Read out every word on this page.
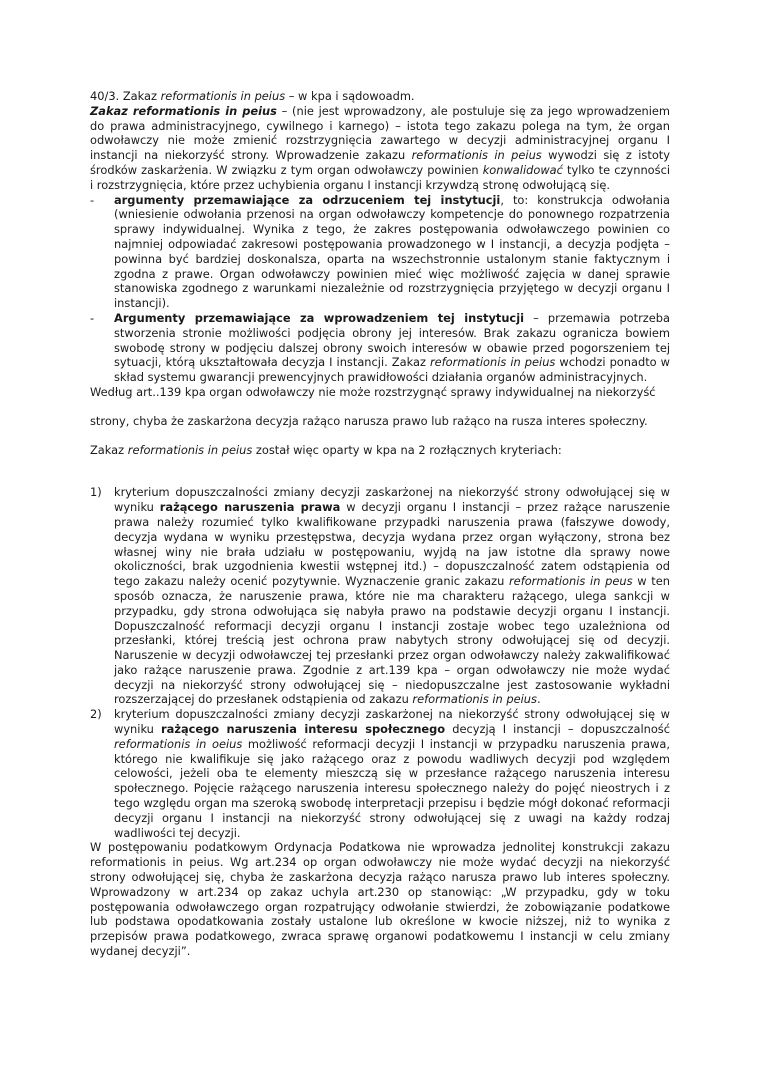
40/3. Zakaz reformationis in peius – w kpa i sądowoadm.

Zakaz reformationis in peius – (nie jest wprowadzony, ale postuluje się za jego wprowadzeniem do prawa administracyjnego, cywilnego i karnego) – istota tego zakazu polega na tym, że organ odwoławczy nie może zmienić rozstrzygnięcia zawartego w decyzji administracyjnej organu I instancji na niekorzyść strony. Wprowadzenie zakazu reformationis in peius wywodzi się z istoty środków zaskarżenia. W związku z tym organ odwoławczy powinien konwalidować tylko te czynności i rozstrzygnięcia, które przez uchybienia organu I instancji krzywdzą stronę odwołującą się.

-	argumenty przemawiające za odrzuceniem tej instytucji, to: konstrukcja odwołania (wniesienie odwołania przenosi na organ odwoławczy kompetencje do ponownego rozpatrzenia sprawy indywidualnej. Wynika z tego, że zakres postępowania odwoławczego powinien co najmniej odpowiadać zakresowi postępowania prowadzonego w I instancji, a decyzja podjęta – powinna być bardziej doskonalsza, oparta na wszechstronnie ustalonym stanie faktycznym i zgodna z prawe. Organ odwoławczy powinien mieć więc możliwość zajęcia w danej sprawie stanowiska zgodnego z warunkami niezależnie od rozstrzygnięcia przyjętego w decyzji organu I instancji).
-	Argumenty przemawiające za wprowadzeniem tej instytucji – przemawia potrzeba stworzenia stronie możliwości podjęcia obrony jej interesów. Brak zakazu ogranicza bowiem swobodę strony w podjęciu dalszej obrony swoich interesów w obawie przed pogorszeniem tej sytuacji, którą ukształtowała decyzja I instancji. Zakaz reformationis in peius wchodzi ponadto w skład systemu gwarancji prewencyjnych prawidłowości działania organów administracyjnych.

Według art..139 kpa organ odwoławczy nie może rozstrzygnąć sprawy indywidualnej na niekorzyść

strony, chyba że zaskarżona decyzja rażąco narusza prawo lub rażąco na rusza interes społeczny.

Zakaz reformationis in peius został więc oparty w kpa na 2 rozłącznych kryteriach:

1)	kryterium dopuszczalności zmiany decyzji zaskarżonej na niekorzyść strony odwołującej się w wyniku rażącego naruszenia prawa w decyzji organu I instancji – przez rażące naruszenie prawa należy rozumieć tylko kwalifikowane przypadki naruszenia prawa (fałszywe dowody, decyzja wydana w wyniku przestępstwa, decyzja wydana przez organ wyłączony, strona bez własnej winy nie brała udziału w postępowaniu, wyjdą na jaw istotne dla sprawy nowe okoliczności, brak uzgodnienia kwestii wstępnej itd.) – dopuszczalność zatem odstąpienia od tego zakazu należy ocenić pozytywnie. Wyznaczenie granic zakazu reformationis in peus w ten sposób oznacza, że naruszenie prawa, które nie ma charakteru rażącego, ulega sankcji w przypadku, gdy strona odwołująca się nabyła prawo na podstawie decyzji organu I instancji. Dopuszczalność reformacji decyzji organu I instancji zostaje wobec tego uzależniona od przesłanki, której treścią jest ochrona praw nabytych strony odwołującej się od decyzji. Naruszenie w decyzji odwoławczej tej przesłanki przez organ odwoławczy należy zakwalifikować jako rażące naruszenie prawa. Zgodnie z art.139 kpa – organ odwoławczy nie może wydać decyzji na niekorzyść strony odwołującej się – niedopuszczalne jest zastosowanie wykładni rozszerzającej do przesłanek odstąpienia od zakazu reformationis in peius.
2)	kryterium dopuszczalności zmiany decyzji zaskarżonej na niekorzyść strony odwołującej się w wyniku rażącego naruszenia interesu społecznego decyzją I instancji – dopuszczalność reformationis in oeius możliwość reformacji decyzji I instancji w przypadku naruszenia prawa, którego nie kwalifikuje się jako rażącego oraz z powodu wadliwych decyzji pod względem celowości, jeżeli oba te elementy mieszczą się w przesłance rażącego naruszenia interesu społecznego. Pojęcie rażącego naruszenia interesu społecznego należy do pojęć nieostrych i z tego względu organ ma szeroką swobodę interpretacji przepisu i będzie mógł dokonać reformacji decyzji organu I instancji na niekorzyść strony odwołującej się z uwagi na każdy rodzaj wadliwości tej decyzji.

W postępowaniu podatkowym Ordynacja Podatkowa nie wprowadza jednolitej konstrukcji zakazu reformationis in peius. Wg art.234 op organ odwoławczy nie może wydać decyzji na niekorzyść strony odwołującej się, chyba że zaskarżona decyzja rażąco narusza prawo lub interes społeczny. Wprowadzony w art.234 op zakaz uchyla art.230 op stanowiąc: „W przypadku, gdy w toku postępowania odwoławczego organ rozpatrujący odwołanie stwierdzi, że zobowiązanie podatkowe lub podstawa opodatkowania zostały ustalone lub określone w kwocie niższej, niż to wynika z przepisów prawa podatkowego, zwraca sprawę organowi podatkowemu I instancji w celu zmiany wydanej decyzji”.
